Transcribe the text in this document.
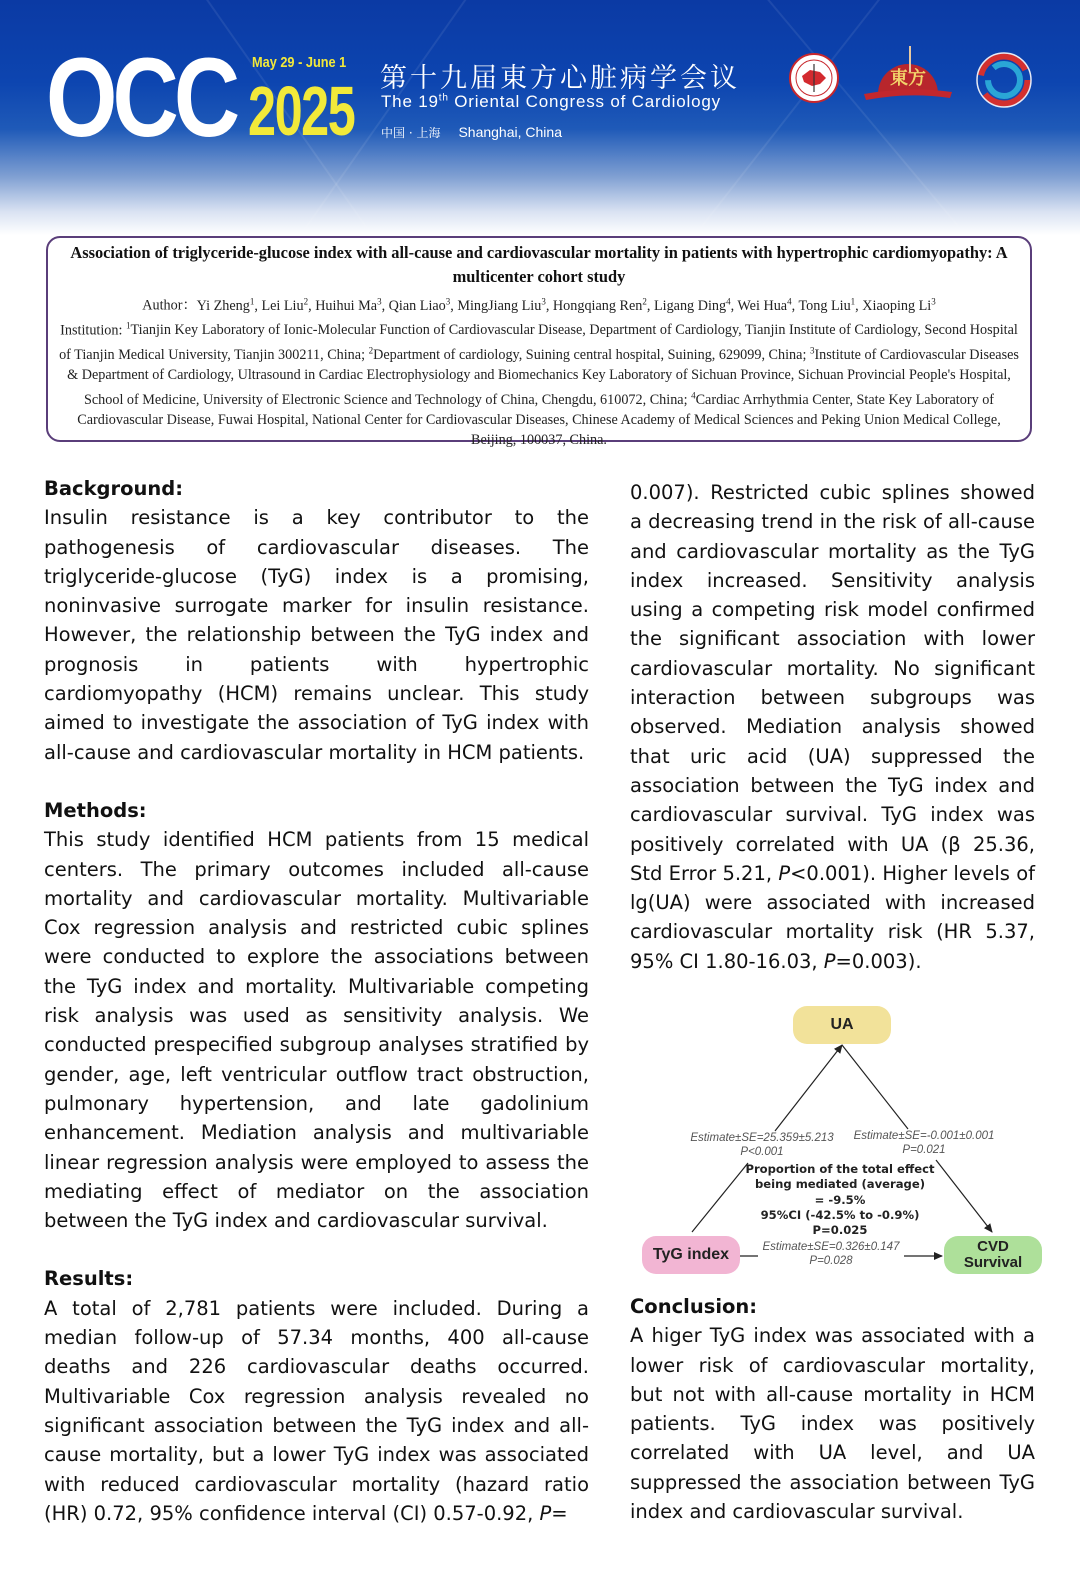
OCC May 29 - June 1
2025 第十九届東方心脏病学会议
The 19th Oriental Congress of Cardiology
中国 · 上海 Shanghai, China
東方
Association of triglyceride-glucose index with all-cause and cardiovascular mortality in patients with hypertrophic cardiomyopathy: A multicenter cohort study
Author：Yi Zheng$^1$, Lei Liu$^2$, Huihui Ma$^3$, Qian Liao$^3$, MingJiang Liu$^3$, Hongqiang Ren$^2$, Ligang Ding$^4$, Wei Hua$^4$, Tong Liu$^1$, Xiaoping Li$^3$
Institution: $^1$Tianjin Key Laboratory of Ionic-Molecular Function of Cardiovascular Disease, Department of Cardiology, Tianjin Institute of Cardiology, Second Hospital of Tianjin Medical University, Tianjin 300211, China; $^2$Department of cardiology, Suining central hospital, Suining, 629099, China; $^3$Institute of Cardiovascular Diseases & Department of Cardiology, Ultrasound in Cardiac Electrophysiology and Biomechanics Key Laboratory of Sichuan Province, Sichuan Provincial People's Hospital, School of Medicine, University of Electronic Science and Technology of China, Chengdu, 610072, China; $^4$Cardiac Arrhythmia Center, State Key Laboratory of Cardiovascular Disease, Fuwai Hospital, National Center for Cardiovascular Diseases, Chinese Academy of Medical Sciences and Peking Union Medical College, Beijing, 100037, China.
Background:
Insulin resistance is a key contributor to the pathogenesis of cardiovascular diseases. The triglyceride-glucose (TyG) index is a promising, noninvasive surrogate marker for insulin resistance. However, the relationship between the TyG index and prognosis in patients with hypertrophic cardiomyopathy (HCM) remains unclear. This study aimed to investigate the association of TyG index with all-cause and cardiovascular mortality in HCM patients.
Methods:
This study identified HCM patients from 15 medical centers. The primary outcomes included all-cause mortality and cardiovascular mortality. Multivariable Cox regression analysis and restricted cubic splines were conducted to explore the associations between the TyG index and mortality. Multivariable competing risk analysis was used as sensitivity analysis. We conducted prespecified subgroup analyses stratified by gender, age, left ventricular outflow tract obstruction, pulmonary hypertension, and late gadolinium enhancement. Mediation analysis and multivariable linear regression analysis were employed to assess the mediating effect of mediator on the association between the TyG index and cardiovascular survival.
Results:
A total of 2,781 patients were included. During a median follow-up of 57.34 months, 400 all-cause deaths and 226 cardiovascular deaths occurred. Multivariable Cox regression analysis revealed no significant association between the TyG index and all-cause mortality, but a lower TyG index was associated with reduced cardiovascular mortality (hazard ratio (HR) 0.72, 95% confidence interval (CI) 0.57-0.92, P=
0.007). Restricted cubic splines showed a decreasing trend in the risk of all-cause and cardiovascular mortality as the TyG index increased. Sensitivity analysis using a competing risk model confirmed the significant association with lower cardiovascular mortality. No significant interaction between subgroups was observed. Mediation analysis showed that uric acid (UA) suppressed the association between the TyG index and cardiovascular survival. TyG index was positively correlated with UA (β 25.36, Std Error 5.21, P<0.001). Higher levels of lg(UA) were associated with increased cardiovascular mortality risk (HR 5.37, 95% CI 1.80-16.03, P=0.003).
UA
TyG index
CVD
Survival
Estimate±SE=25.359±5.213
P<0.001
Estimate±SE=-0.001±0.001
P=0.021
Estimate±SE=0.326±0.147
P=0.028
Proportion of the total effect
being mediated (average)
= -9.5%
95%CI (-42.5% to -0.9%)
P=0.025
Conclusion:
A higer TyG index was associated with a lower risk of cardiovascular mortality, but not with all-cause mortality in HCM patients. TyG index was positively correlated with UA level, and UA suppressed the association between TyG index and cardiovascular survival.
